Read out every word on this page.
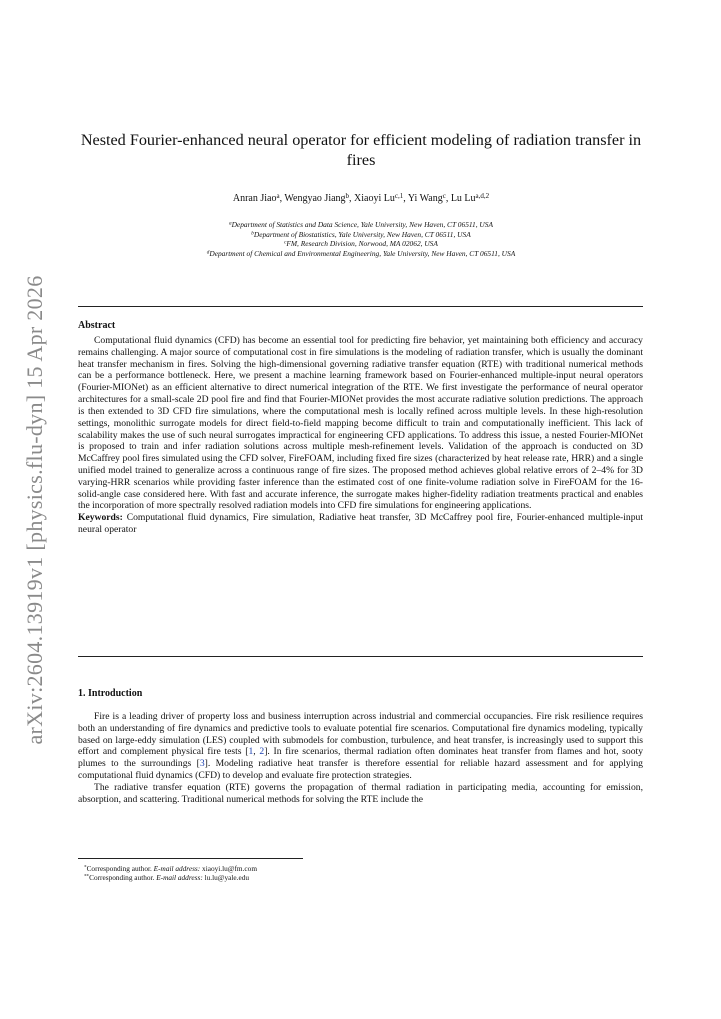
arXiv:2604.13919v1 [physics.flu-dyn] 15 Apr 2026
Nested Fourier-enhanced neural operator for efficient modeling of radiation transfer in fires
Anran Jiao$^a$, Wengyao Jiang$^b$, Xiaoyi Lu$^{c,1}$, Yi Wang$^c$, Lu Lu$^{a,d,2}$
$^a$Department of Statistics and Data Science, Yale University, New Haven, CT 06511, USA
$^b$Department of Biostatistics, Yale University, New Haven, CT 06511, USA
$^c$FM, Research Division, Norwood, MA 02062, USA
$^d$Department of Chemical and Environmental Engineering, Yale University, New Haven, CT 06511, USA
Abstract

Computational fluid dynamics (CFD) has become an essential tool for predicting fire behavior, yet maintaining both efficiency and accuracy remains challenging. A major source of computational cost in fire simulations is the modeling of radiation transfer, which is usually the dominant heat transfer mechanism in fires. Solving the high-dimensional governing radiative transfer equation (RTE) with traditional numerical methods can be a performance bottleneck. Here, we present a machine learning framework based on Fourier-enhanced multiple-input neural operators (Fourier-MIONet) as an efficient alternative to direct numerical integration of the RTE. We first investigate the performance of neural operator architectures for a small-scale 2D pool fire and find that Fourier-MIONet provides the most accurate radiative solution predictions. The approach is then extended to 3D CFD fire simulations, where the computational mesh is locally refined across multiple levels. In these high-resolution settings, monolithic surrogate models for direct field-to-field mapping become difficult to train and computationally inefficient. This lack of scalability makes the use of such neural surrogates impractical for engineering CFD applications. To address this issue, a nested Fourier-MIONet is proposed to train and infer radiation solutions across multiple mesh-refinement levels. Validation of the approach is conducted on 3D McCaffrey pool fires simulated using the CFD solver, FireFOAM, including fixed fire sizes (characterized by heat release rate, HRR) and a single unified model trained to generalize across a continuous range of fire sizes. The proposed method achieves global relative errors of 2–4% for 3D varying-HRR scenarios while providing faster inference than the estimated cost of one finite-volume radiation solve in FireFOAM for the 16-solid-angle case considered here. With fast and accurate inference, the surrogate makes higher-fidelity radiation treatments practical and enables the incorporation of more spectrally resolved radiation models into CFD fire simulations for engineering applications.

Keywords: Computational fluid dynamics, Fire simulation, Radiative heat transfer, 3D McCaffrey pool fire, Fourier-enhanced multiple-input neural operator
1. Introduction

Fire is a leading driver of property loss and business interruption across industrial and commercial occupancies. Fire risk resilience requires both an understanding of fire dynamics and predictive tools to evaluate potential fire scenarios. Computational fire dynamics modeling, typically based on large-eddy simulation (LES) coupled with submodels for combustion, turbulence, and heat transfer, is increasingly used to support this effort and complement physical fire tests [1, 2]. In fire scenarios, thermal radiation often dominates heat transfer from flames and hot, sooty plumes to the surroundings [3]. Modeling radiative heat transfer is therefore essential for reliable hazard assessment and for applying computational fluid dynamics (CFD) to develop and evaluate fire protection strategies.

The radiative transfer equation (RTE) governs the propagation of thermal radiation in participating media, accounting for emission, absorption, and scattering. Traditional numerical methods for solving the RTE include the

*Corresponding author. E-mail address: xiaoyi.lu@fm.com
**Corresponding author. E-mail address: lu.lu@yale.edu
